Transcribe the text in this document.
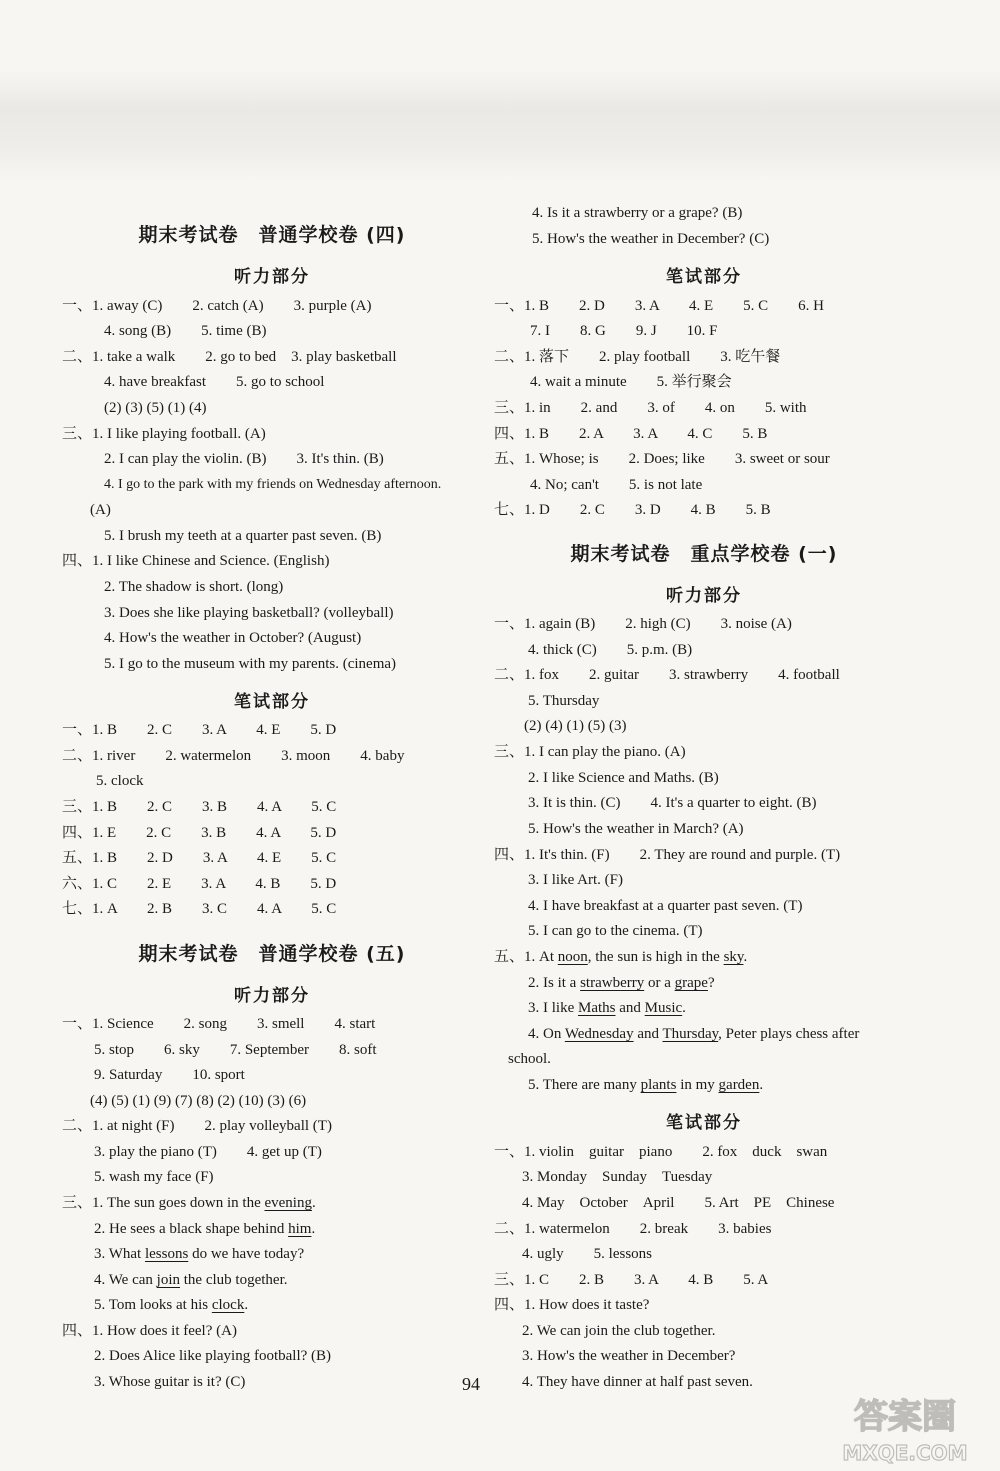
期末考试卷　普通学校卷 (四)
听力部分
一、1. away (C)　　2. catch (A)　　3. purple (A)
4. song (B)　　5. time (B)
二、1. take a walk　　2. go to bed　3. play basketball
4. have breakfast　　5. go to school
(2) (3) (5) (1) (4)
三、1. I like playing football. (A)
2. I can play the violin. (B)　　3. It's thin. (B)
4. I go to the park with my friends on Wednesday afternoon.
(A)
5. I brush my teeth at a quarter past seven. (B)
四、1. I like Chinese and Science. (English)
2. The shadow is short. (long)
3. Does she like playing basketball? (volleyball)
4. How's the weather in October? (August)
5. I go to the museum with my parents. (cinema)
笔试部分
一、1. B　　2. C　　3. A　　4. E　　5. D
二、1. river　　2. watermelon　　3. moon　　4. baby
5. clock
三、1. B　　2. C　　3. B　　4. A　　5. C
四、1. E　　2. C　　3. B　　4. A　　5. D
五、1. B　　2. D　　3. A　　4. E　　5. C
六、1. C　　2. E　　3. A　　4. B　　5. D
七、1. A　　2. B　　3. C　　4. A　　5. C
期末考试卷　普通学校卷 (五)
听力部分
一、1. Science　　2. song　　3. smell　　4. start
5. stop　　6. sky　　7. September　　8. soft
9. Saturday　　10. sport
(4) (5) (1) (9) (7) (8) (2) (10) (3) (6)
二、1. at night (F)　　2. play volleyball (T)
3. play the piano (T)　　4. get up (T)
5. wash my face (F)
三、1. The sun goes down in the evening.
2. He sees a black shape behind him.
3. What lessons do we have today?
4. We can join the club together.
5. Tom looks at his clock.
四、1. How does it feel? (A)
2. Does Alice like playing football? (B)
3. Whose guitar is it? (C)
4. Is it a strawberry or a grape? (B)
5. How's the weather in December? (C)
笔试部分
一、1. B　　2. D　　3. A　　4. E　　5. C　　6. H
7. I　　8. G　　9. J　　10. F
二、1. 落下　　2. play football　　3. 吃午餐
4. wait a minute　　5. 举行聚会
三、1. in　　2. and　　3. of　　4. on　　5. with
四、1. B　　2. A　　3. A　　4. C　　5. B
五、1. Whose; is　　2. Does; like　　3. sweet or sour
4. No; can't　　5. is not late
七、1. D　　2. C　　3. D　　4. B　　5. B
期末考试卷　重点学校卷 (一)
听力部分
一、1. again (B)　　2. high (C)　　3. noise (A)
4. thick (C)　　5. p.m. (B)
二、1. fox　　2. guitar　　3. strawberry　　4. football
5. Thursday
(2) (4) (1) (5) (3)
三、1. I can play the piano. (A)
2. I like Science and Maths. (B)
3. It is thin. (C)　　4. It's a quarter to eight. (B)
5. How's the weather in March? (A)
四、1. It's thin. (F)　　2. They are round and purple. (T)
3. I like Art. (F)
4. I have breakfast at a quarter past seven. (T)
5. I can go to the cinema. (T)
五、1. At noon, the sun is high in the sky.
2. Is it a strawberry or a grape?
3. I like Maths and Music.
4. On Wednesday and Thursday, Peter plays chess after
school.
5. There are many plants in my garden.
笔试部分
一、1. violin　guitar　piano　　2. fox　duck　swan
3. Monday　Sunday　Tuesday
4. May　October　April　　5. Art　PE　Chinese
二、1. watermelon　　2. break　　3. babies
4. ugly　　5. lessons
三、1. C　　2. B　　3. A　　4. B　　5. A
四、1. How does it taste?
2. We can join the club together.
3. How's the weather in December?
4. They have dinner at half past seven.
94
答案圈
MXQE.COM
